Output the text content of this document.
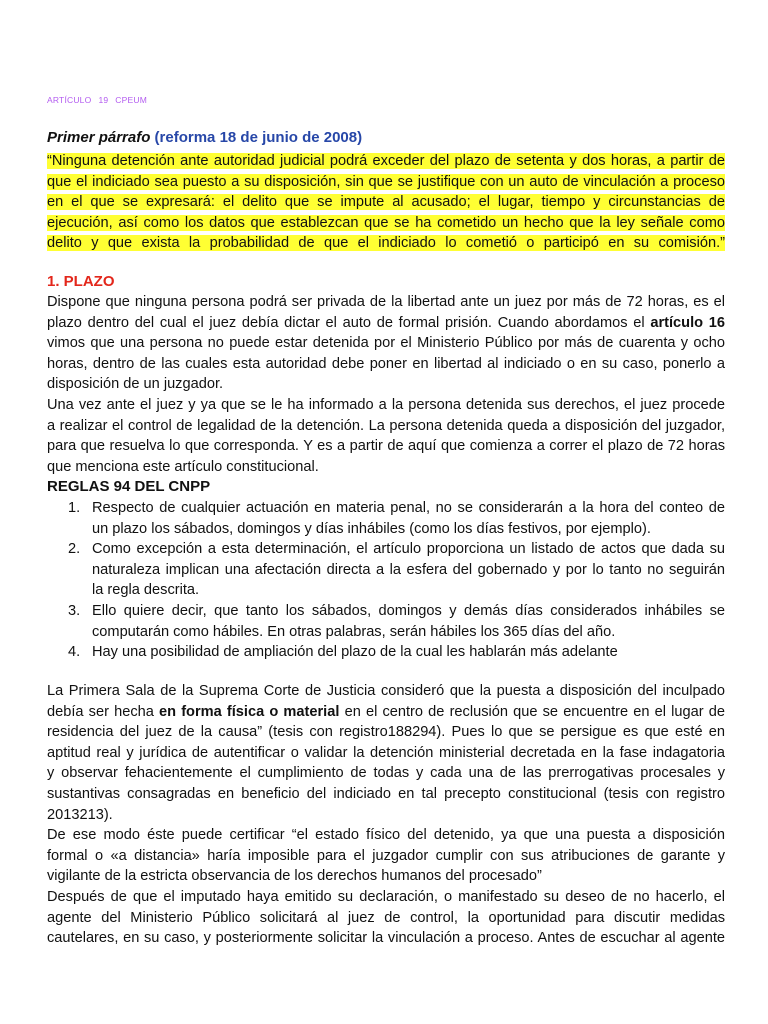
ARTÍCULO 19 CPEUM
Primer párrafo (reforma 18 de junio de 2008)
“Ninguna detención ante autoridad judicial podrá exceder del plazo de setenta y dos horas, a partir de
que el indiciado sea puesto a su disposición, sin que se justifique con un auto de vinculación a proceso
en el que se expresará: el delito que se impute al acusado; el lugar, tiempo y circunstancias de
ejecución, así como los datos que establezcan que se ha cometido un hecho que la ley señale como
delito y que exista la probabilidad de que el indiciado lo cometió o participó en su comisión.”
1. PLAZO
Dispone que ninguna persona podrá ser privada de la libertad ante un juez por más de 72 horas, es el
plazo dentro del cual el juez debía dictar el auto de formal prisión. Cuando abordamos el artículo 16
vimos que una persona no puede estar detenida por el Ministerio Público por más de cuarenta y ocho
horas, dentro de las cuales esta autoridad debe poner en libertad al indiciado o en su caso, ponerlo a
disposición de un juzgador.
Una vez ante el juez y ya que se le ha informado a la persona detenida sus derechos, el juez procede
a realizar el control de legalidad de la detención. La persona detenida queda a disposición del juzgador,
para que resuelva lo que corresponda. Y es a partir de aquí que comienza a correr el plazo de 72 horas
que menciona este artículo constitucional.
REGLAS 94 DEL CNPP
1. Respecto de cualquier actuación en materia penal, no se considerarán a la hora del conteo de
un plazo los sábados, domingos y días inhábiles (como los días festivos, por ejemplo).
2. Como excepción a esta determinación, el artículo proporciona un listado de actos que dada su
naturaleza implican una afectación directa a la esfera del gobernado y por lo tanto no seguirán
la regla descrita.
3. Ello quiere decir, que tanto los sábados, domingos y demás días considerados inhábiles se
computarán como hábiles. En otras palabras, serán hábiles los 365 días del año.
4. Hay una posibilidad de ampliación del plazo de la cual les hablarán más adelante
La Primera Sala de la Suprema Corte de Justicia consideró que la puesta a disposición del inculpado
debía ser hecha en forma física o material en el centro de reclusión que se encuentre en el lugar de
residencia del juez de la causa” (tesis con registro188294). Pues lo que se persigue es que esté en
aptitud real y jurídica de autentificar o validar la detención ministerial decretada en la fase indagatoria
y observar fehacientemente el cumplimiento de todas y cada una de las prerrogativas procesales y
sustantivas consagradas en beneficio del indiciado en tal precepto constitucional (tesis con registro
2013213).
De ese modo éste puede certificar “el estado físico del detenido, ya que una puesta a disposición
formal o «a distancia» haría imposible para el juzgador cumplir con sus atribuciones de garante y
vigilante de la estricta observancia de los derechos humanos del procesado”
Después de que el imputado haya emitido su declaración, o manifestado su deseo de no hacerlo, el
agente del Ministerio Público solicitará al juez de control, la oportunidad para discutir medidas
cautelares, en su caso, y posteriormente solicitar la vinculación a proceso. Antes de escuchar al agente
